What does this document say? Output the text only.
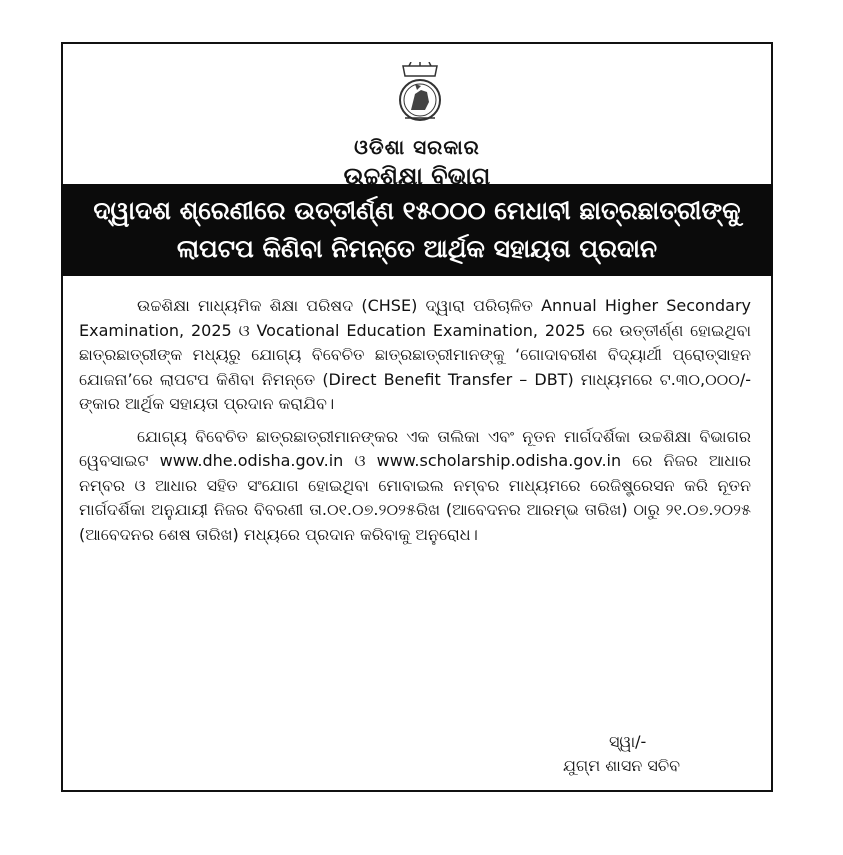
ଓଡିଶା ସରକାର
ଉଚ୍ଚଶିକ୍ଷା ବିଭାଗ
ଦ୍ୱାଦଶ ଶ୍ରେଣୀରେ ଉତ୍ତୀର୍ଣ୍ଣ ୧୫୦୦୦ ମେଧାବୀ ଛାତ୍ରଛାତ୍ରୀଙ୍କୁ
ଲାପଟପ କିଣିବା ନିମନ୍ତେ ଆର୍ଥିକ ସହାୟତା ପ୍ରଦାନ

ଉଚ୍ଚଶିକ୍ଷା ମାଧ୍ୟମିକ ଶିକ୍ଷା ପରିଷଦ (CHSE) ଦ୍ୱାରା ପରିଚାଳିତ Annual Higher Secondary Examination, 2025 ଓ Vocational Education Examination, 2025 ରେ ଉତ୍ତୀର୍ଣ୍ଣ ହୋଇଥିବା ଛାତ୍ରଛାତ୍ରୀଙ୍କ ମଧ୍ୟରୁ ଯୋଗ୍ୟ ବିବେଚିତ ଛାତ୍ରଛାତ୍ରୀମାନଙ୍କୁ ‘ଗୋଦାବରୀଶ ବିଦ୍ୟାର୍ଥୀ ପ୍ରୋତ୍ସାହନ ଯୋଜନା’ରେ ଲାପଟପ କିଣିବା ନିମନ୍ତେ (Direct Benefit Transfer – DBT) ମାଧ୍ୟମରେ ଟ.୩୦,୦୦୦/-ଙ୍କାର ଆର୍ଥିକ ସହାୟତା ପ୍ରଦାନ କରାଯିବ।

ଯୋଗ୍ୟ ବିବେଚିତ ଛାତ୍ରଛାତ୍ରୀମାନଙ୍କର ଏକ ତାଲିକା ଏବଂ ନୂତନ ମାର୍ଗଦର୍ଶିକା ଉଚ୍ଚଶିକ୍ଷା ବିଭାଗର ୱେବସାଇଟ www.dhe.odisha.gov.in ଓ www.scholarship.odisha.gov.in ରେ ନିଜର ଆଧାର ନମ୍ବର ଓ ଆଧାର ସହିତ ସଂଯୋଗ ହୋଇଥିବା ମୋବାଇଲ ନମ୍ବର ମାଧ୍ୟମରେ ରେଜିଷ୍ଟ୍ରେସନ କରି ନୂତନ ମାର୍ଗଦର୍ଶିକା ଅନୁଯାୟୀ ନିଜର ବିବରଣୀ ତା.୦୧.୦୭.୨୦୨୫ରିଖ (ଆବେଦନର ଆରମ୍ଭ ତାରିଖ) ଠାରୁ ୨୧.୦୭.୨୦୨୫ (ଆବେଦନର ଶେଷ ତାରିଖ) ମଧ୍ୟରେ ପ୍ରଦାନ କରିବାକୁ ଅନୁରୋଧ।

ସ୍ୱା/-
ଯୁଗ୍ମ ଶାସନ ସଚିବ
